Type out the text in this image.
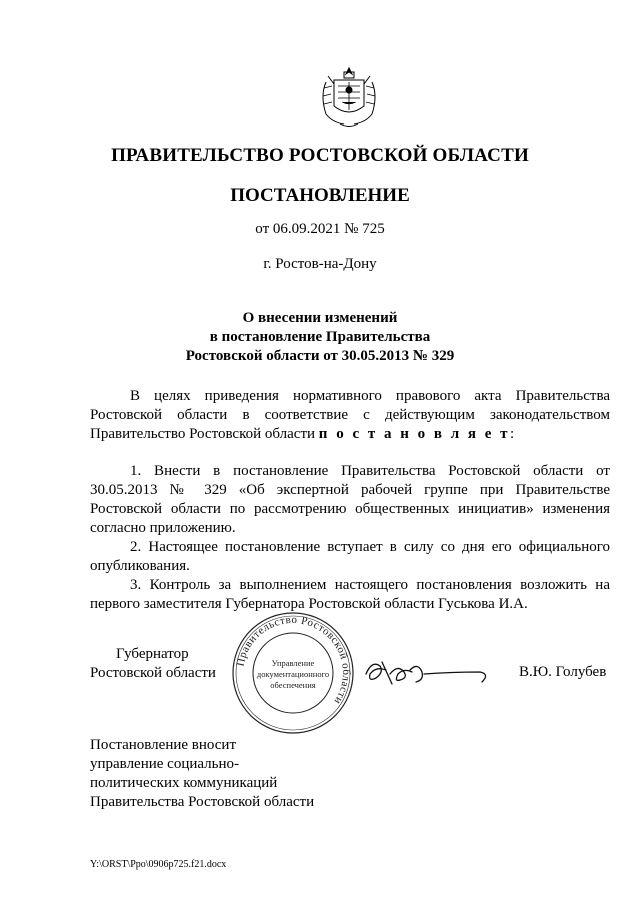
ПРАВИТЕЛЬСТВО РОСТОВСКОЙ ОБЛАСТИ
ПОСТАНОВЛЕНИЕ
от 06.09.2021 № 725
г. Ростов-на-Дону
О внесении изменений
в постановление Правительства
Ростовской области от 30.05.2013 № 329

В целях приведения нормативного правового акта Правительства Ростовской области в соответствие с действующим законодательством Правительство Ростовской области п о с т а н о в л я е т:

1. Внести в постановление Правительства Ростовской области от 30.05.2013 № 329 «Об экспертной рабочей группе при Правительстве Ростовской области по рассмотрению общественных инициатив» изменения согласно приложению.

2. Настоящее постановление вступает в силу со дня его официального опубликования.

3. Контроль за выполнением настоящего постановления возложить на первого заместителя Губернатора Ростовской области Гуськова И.А.

Губернатор
Ростовской области
Правительство Ростовской области
Управление
документационного
обеспечения
В.Ю. Голубев
Постановление вносит
управление социально-
политических коммуникаций
Правительства Ростовской области
Y:\ORST\Ppo\0906p725.f21.docx
